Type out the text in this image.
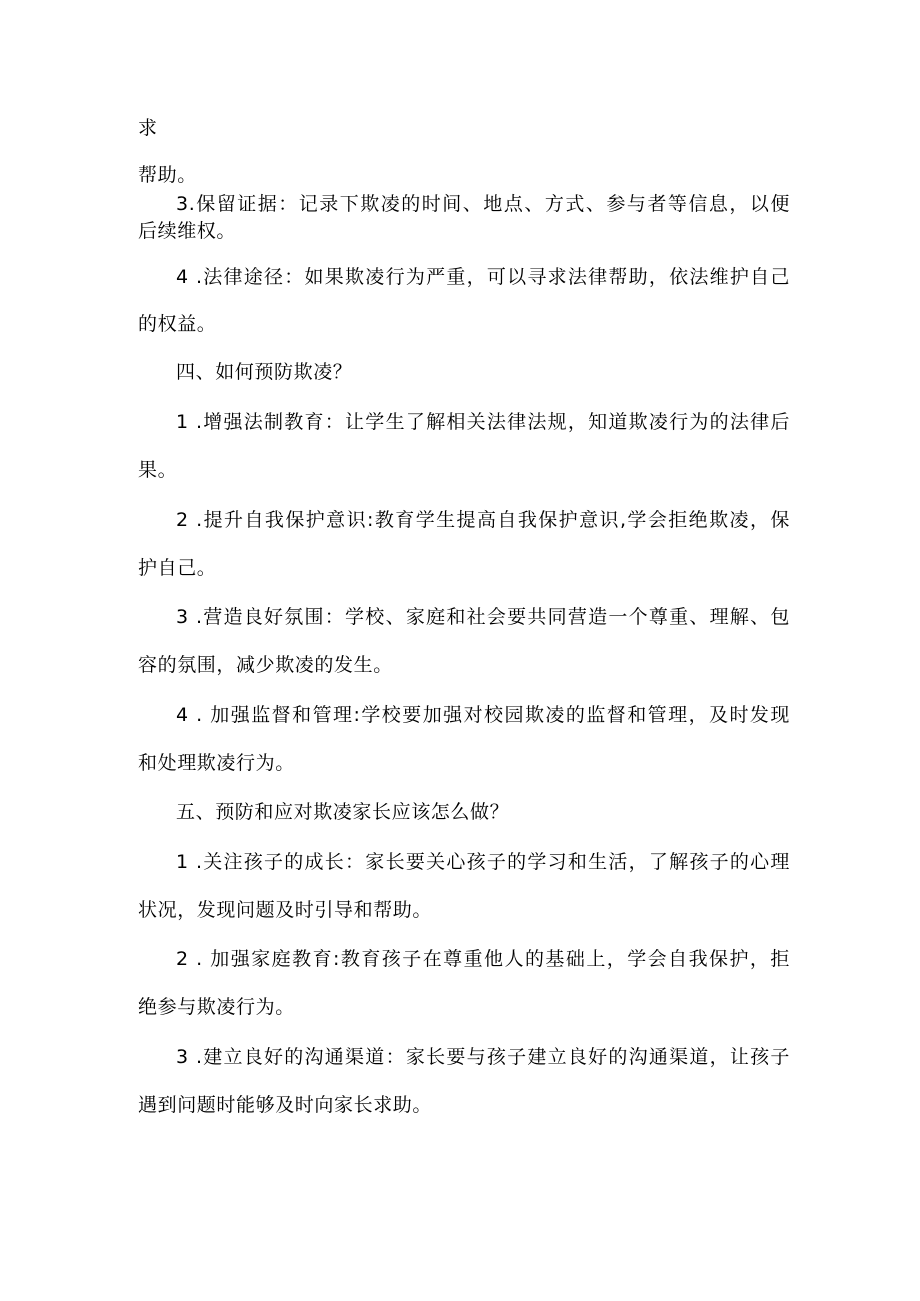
求
帮助。
3.保留证据：记录下欺凌的时间、地点、方式、参与者等信息，以便
后续维权。
4 .法律途径：如果欺凌行为严重，可以寻求法律帮助，依法维护自己
的权益。
四、如何预防欺凌？
1 .增强法制教育：让学生了解相关法律法规，知道欺凌行为的法律后
果。
2 .提升自我保护意识:教育学生提高自我保护意识,学会拒绝欺凌，保
护自己。
3 .营造良好氛围：学校、家庭和社会要共同营造一个尊重、理解、包
容的氛围，减少欺凌的发生。
4 . 加强监督和管理:学校要加强对校园欺凌的监督和管理，及时发现
和处理欺凌行为。
五、预防和应对欺凌家长应该怎么做？
1 .关注孩子的成长：家长要关心孩子的学习和生活，了解孩子的心理
状况，发现问题及时引导和帮助。
2 . 加强家庭教育:教育孩子在尊重他人的基础上，学会自我保护，拒
绝参与欺凌行为。
3 .建立良好的沟通渠道：家长要与孩子建立良好的沟通渠道，让孩子
遇到问题时能够及时向家长求助。
